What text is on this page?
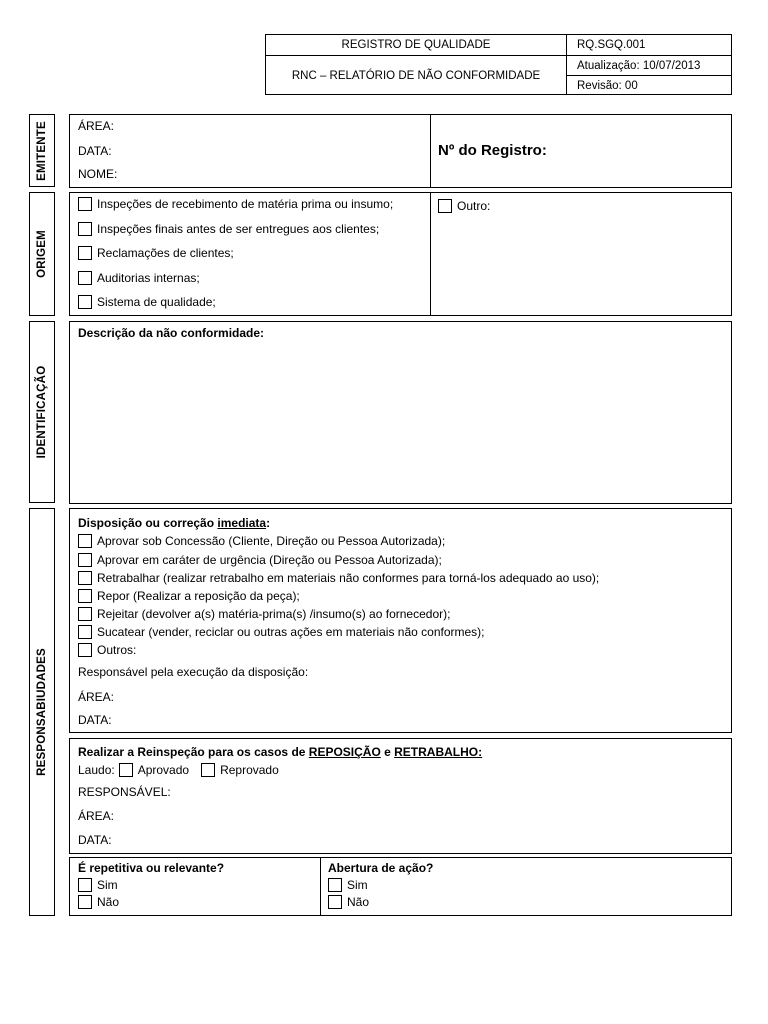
REGISTRO DE QUALIDADE	RQ.SGQ.001
RNC – RELATÓRIO DE NÃO CONFORMIDADE
Atualização: 10/07/2013
Revisão: 00
EMITENTE
ORIGEM
IDENTIFICAÇÃO
RESPONSABIUDADES
ÁREA:
DATA:
NOME:
Nº do Registro:
Inspeções de recebimento de matéria prima ou insumo;
Inspeções finais antes de ser entregues aos clientes;
Reclamações de clientes;
Auditorias internas;
Sistema de qualidade;
Outro:
Descrição da não conformidade:
Disposição ou correção imediata:
Aprovar sob Concessão (Cliente, Direção ou Pessoa Autorizada);
Aprovar em caráter de urgência (Direção ou Pessoa Autorizada);
Retrabalhar (realizar retrabalho em materiais não conformes para torná-los adequado ao uso);
Repor (Realizar a reposição da peça);
Rejeitar (devolver a(s) matéria-prima(s) /insumo(s) ao fornecedor);
Sucatear (vender, reciclar ou outras ações em materiais não conformes);
Outros:
Responsável pela execução da disposição:
ÁREA:
DATA:
Realizar a Reinspeção para os casos de REPOSIÇÃO e RETRABALHO:
Laudo: Aprovado	Reprovado
RESPONSÁVEL:
ÁREA:
DATA:
É repetitiva ou relevante?
Sim
Não
Abertura de ação?
Sim
Não
